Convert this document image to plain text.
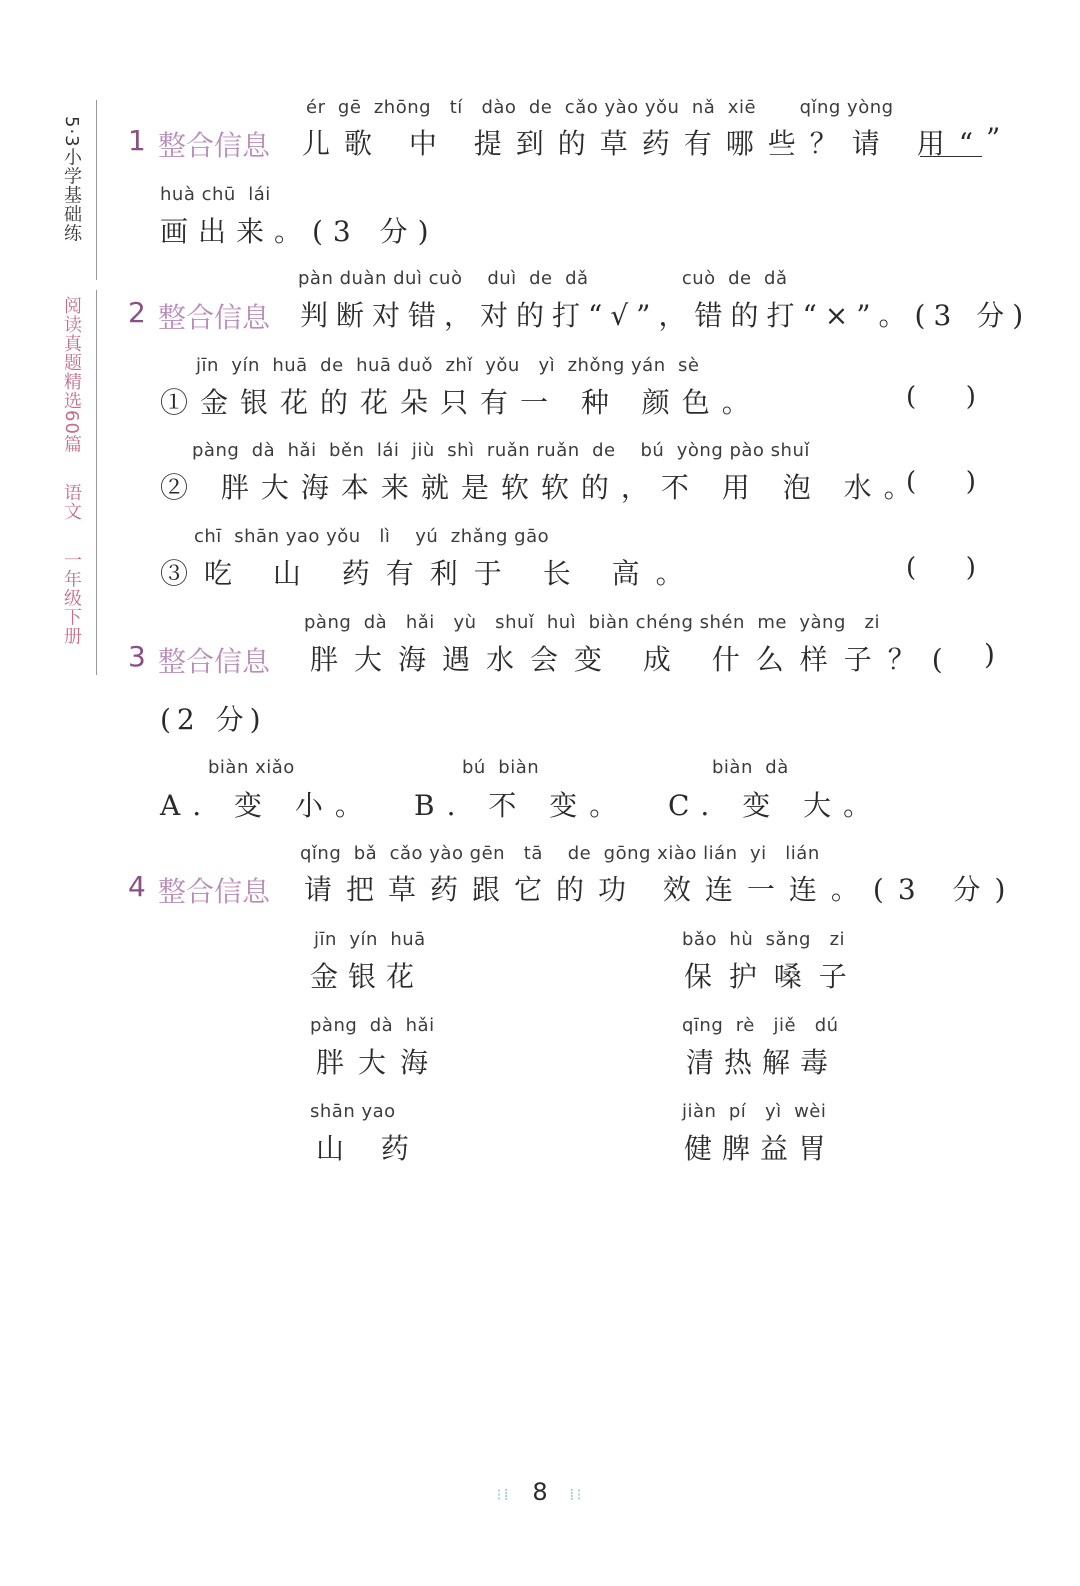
5·3小学基础练
阅读真题精选60篇  语文  一年级下册
ér  gē  zhōng   tí   dào  de  cǎo yào yǒu  nǎ  xiē       qǐng yòng
1 整合信息 儿歌 中 提到的草药有哪些？请 用“
”
huà chū  lái
画出来。(3 分)
pàn duàn duì cuò    duì  de  dǎ               cuò  de  dǎ
2 整合信息 判断对错，对的打“√”，错的打“×”。(3 分)
jīn  yín  huā  de  huā duǒ  zhǐ  yǒu   yì  zhǒng yán  sè
①金银花的花朵只有一 种 颜色。	(      )
pàng  dà  hǎi  běn  lái  jiù  shì  ruǎn ruǎn  de    bú  yòng pào shuǐ
② 胖大海本来就是软软的，不 用 泡 水。
(      )
chī  shān yao yǒu   lì    yú  zhǎng gāo
③吃 山 药有利于 长 高。	(      )
pàng  dà   hǎi   yù   shuǐ  huì  biàn chéng shén  me  yàng   zi
3 整合信息 胖大海遇水会变 成 什么样子？( )
(2 分)
biàn xiǎo
A. 变 小。
bú  biàn
B. 不 变。
biàn  dà
C. 变 大。
qǐng  bǎ  cǎo yào gēn   tā    de  gōng xiào lián  yi   lián
4 整合信息 请把草药跟它的功 效连一连。(3 分)
jīn  yín  huā
金银花
pàng  dà  hǎi
胖大海
shān yao
山 药
bǎo  hù  sǎng   zi
保 护 嗓 子
qīng  rè   jiě   dú
清热解毒
jiàn  pí   yì  wèi
健脾益胃
⁝⁞ 8 ⁞⁝
